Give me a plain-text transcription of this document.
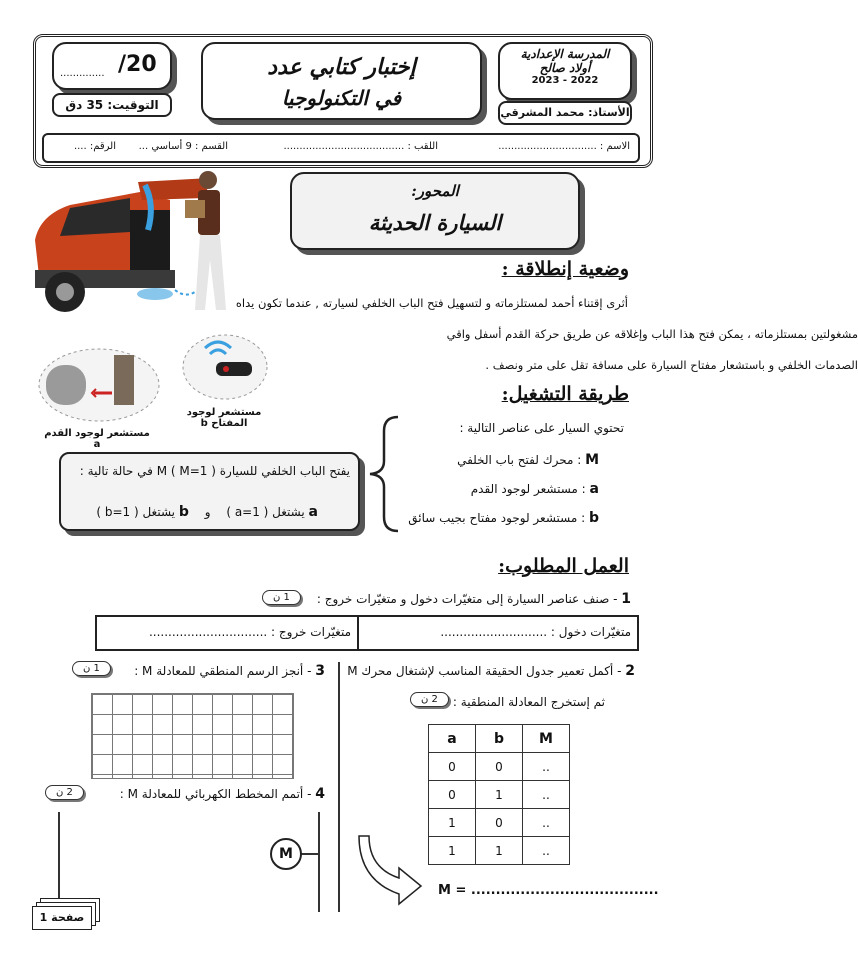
.............. /20
التوقيت: 35 دق
إختبار كتابي عدد
في التكنولوجيا
المدرسة الإعدادية
أولاد صالح
2022 - 2023
الأستاذ: محمد المشرقي
الاسم : ...............................
اللقب : ......................................
القسم : 9 أساسي ...
الرقم: ....
المحور:
السيارة الحديثة
مستشعر لوجود القدم a
مستشعر لوجود المفتاح b
وضعية إنطلاقة :
أثرى إقتناء أحمد لمستلزماته و لتسهيل فتح الباب الخلفي لسيارته , عندما تكون يداه
مشغولتين بمستلزماته ، يمكن فتح هذا الباب وإغلاقه عن طريق حركة القدم أسفل واقي
الصدمات الخلفي و باستشعار مفتاح السيارة على مسافة تقل على متر ونصف .
طريقة التشغيل:
تحتوي السيار على عناصر التالية :
M : محرك لفتح باب الخلفي
a : مستشعر لوجود القدم
b : مستشعر لوجود مفتاح بجيب سائق
يفتح الباب الخلفي للسيارة M ( M=1 ) في حالة تالية :
a يشتغل ( a=1 ) و b يشتغل ( b=1 )
العمل المطلوب:
1 - صنف عناصر السيارة إلى متغيّرات دخول و متغيّرات خروج :
1 ن
متغيّرات دخول : ............................
متغيّرات خروج : ...............................
2 - أكمل تعمير جدول الحقيقة المناسب لإشتغال محرك M
ثم إستخرج المعادلة المنطقية :
2 ن
a	b	M
0	0	..
0	1	..
1	0	..
1	1	..
M = ......................................
3 - أنجز الرسم المنطقي للمعادلة M :
1 ن
4 - أتمم المخطط الكهربائي للمعادلة M :
2 ن
M
صفحة 1
